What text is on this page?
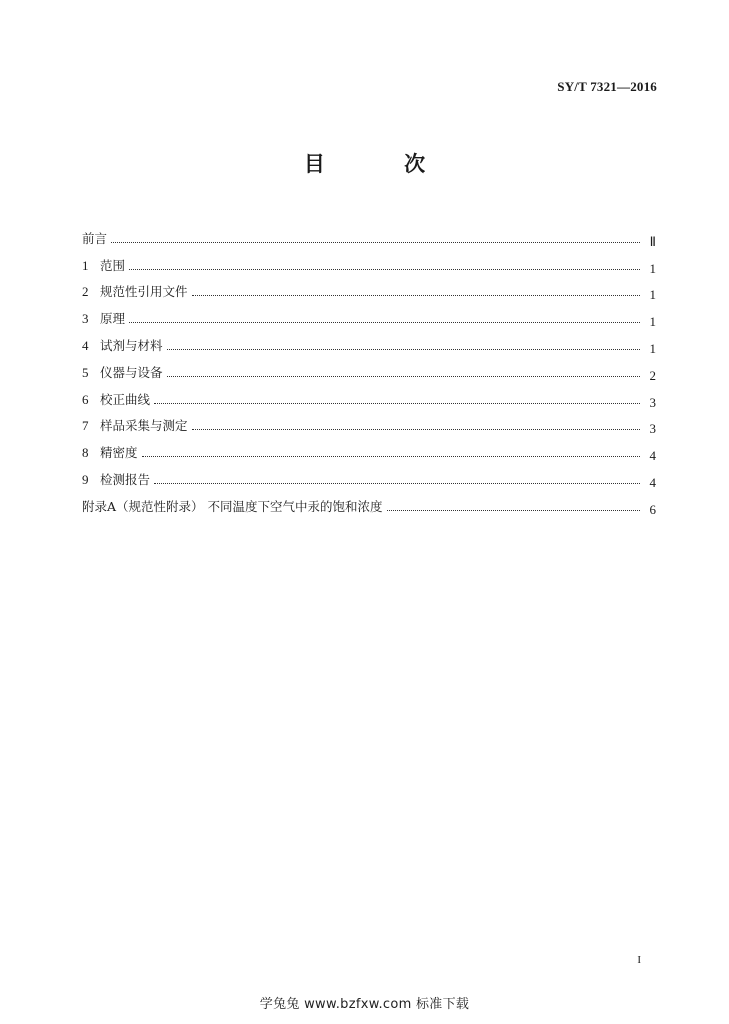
SY/T 7321—2016
目 次
前言	Ⅱ
1 范围	1
2 规范性引用文件	1
3 原理	1
4 试剂与材料	1
5 仪器与设备	2
6 校正曲线	3
7 样品采集与测定	3
8 精密度	4
9 检测报告	4
附录A（规范性附录） 不同温度下空气中汞的饱和浓度	6
I
学兔兔 www.bzfxw.com 标准下载
